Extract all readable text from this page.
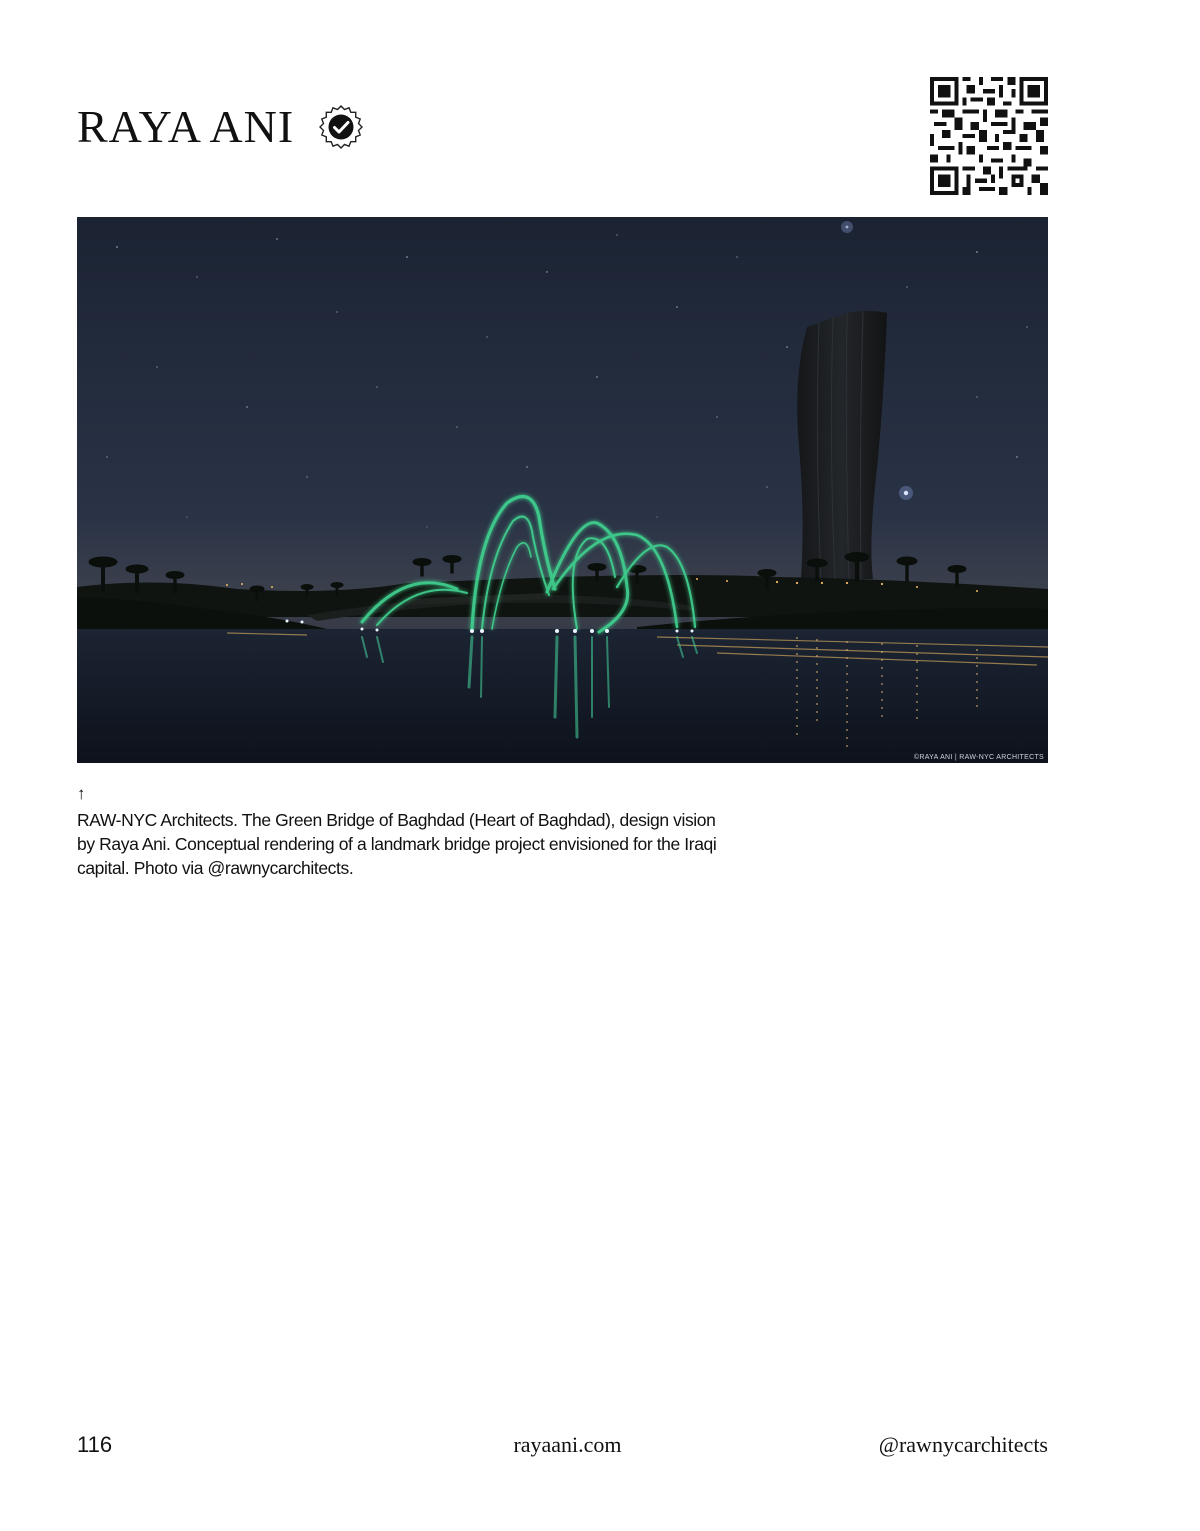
RAYA ANI
©RAYA ANI | RAW-NYC ARCHITECTS
↑

RAW-NYC Architects. The Green Bridge of Baghdad (Heart of Baghdad), design vision by Raya Ani. Conceptual rendering of a landmark bridge project envisioned for the Iraqi capital. Photo via @rawnycarchitects.

116	rayaani.com	@rawnycarchitects
